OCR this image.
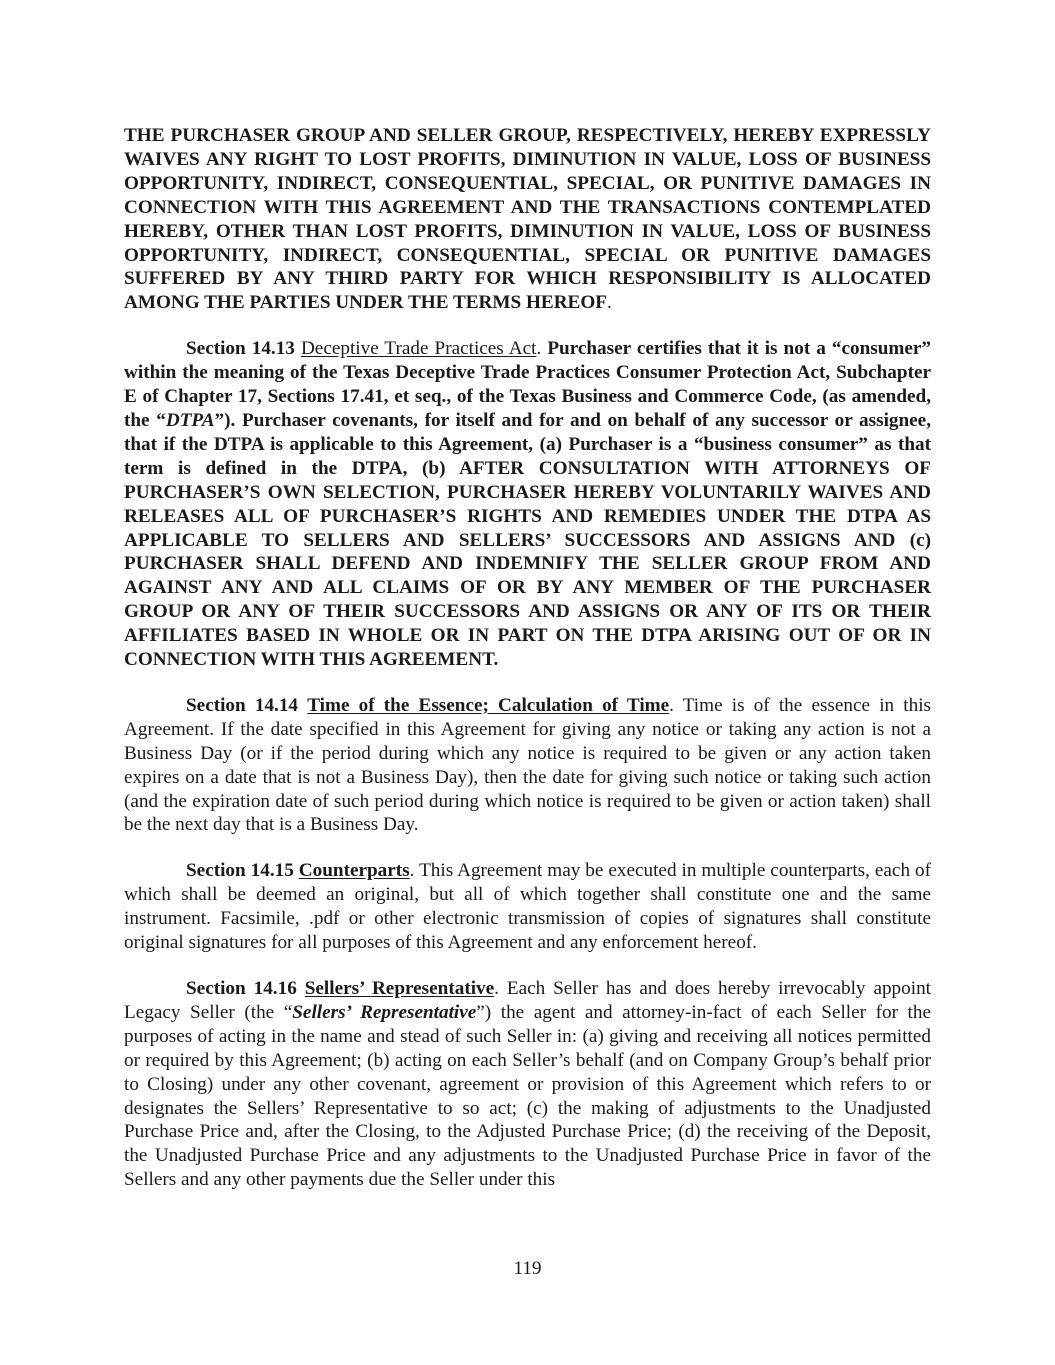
THE PURCHASER GROUP AND SELLER GROUP, RESPECTIVELY, HEREBY EXPRESSLY WAIVES ANY RIGHT TO LOST PROFITS, DIMINUTION IN VALUE, LOSS OF BUSINESS OPPORTUNITY, INDIRECT, CONSEQUENTIAL, SPECIAL, OR PUNITIVE DAMAGES IN CONNECTION WITH THIS AGREEMENT AND THE TRANSACTIONS CONTEMPLATED HEREBY, OTHER THAN LOST PROFITS, DIMINUTION IN VALUE, LOSS OF BUSINESS OPPORTUNITY, INDIRECT, CONSEQUENTIAL, SPECIAL OR PUNITIVE DAMAGES SUFFERED BY ANY THIRD PARTY FOR WHICH RESPONSIBILITY IS ALLOCATED AMONG THE PARTIES UNDER THE TERMS HEREOF.

Section 14.13 Deceptive Trade Practices Act. Purchaser certifies that it is not a “consumer” within the meaning of the Texas Deceptive Trade Practices Consumer Protection Act, Subchapter E of Chapter 17, Sections 17.41, et seq., of the Texas Business and Commerce Code, (as amended, the “DTPA”). Purchaser covenants, for itself and for and on behalf of any successor or assignee, that if the DTPA is applicable to this Agreement, (a) Purchaser is a “business consumer” as that term is defined in the DTPA, (b) AFTER CONSULTATION WITH ATTORNEYS OF PURCHASER’S OWN SELECTION, PURCHASER HEREBY VOLUNTARILY WAIVES AND RELEASES ALL OF PURCHASER’S RIGHTS AND REMEDIES UNDER THE DTPA AS APPLICABLE TO SELLERS AND SELLERS’ SUCCESSORS AND ASSIGNS AND (c) PURCHASER SHALL DEFEND AND INDEMNIFY THE SELLER GROUP FROM AND AGAINST ANY AND ALL CLAIMS OF OR BY ANY MEMBER OF THE PURCHASER GROUP OR ANY OF THEIR SUCCESSORS AND ASSIGNS OR ANY OF ITS OR THEIR AFFILIATES BASED IN WHOLE OR IN PART ON THE DTPA ARISING OUT OF OR IN CONNECTION WITH THIS AGREEMENT.

Section 14.14 Time of the Essence; Calculation of Time. Time is of the essence in this Agreement. If the date specified in this Agreement for giving any notice or taking any action is not a Business Day (or if the period during which any notice is required to be given or any action taken expires on a date that is not a Business Day), then the date for giving such notice or taking such action (and the expiration date of such period during which notice is required to be given or action taken) shall be the next day that is a Business Day.

Section 14.15 Counterparts. This Agreement may be executed in multiple counterparts, each of which shall be deemed an original, but all of which together shall constitute one and the same instrument. Facsimile, .pdf or other electronic transmission of copies of signatures shall constitute original signatures for all purposes of this Agreement and any enforcement hereof.

Section 14.16 Sellers’ Representative. Each Seller has and does hereby irrevocably appoint Legacy Seller (the “Sellers’ Representative”) the agent and attorney-in-fact of each Seller for the purposes of acting in the name and stead of such Seller in: (a) giving and receiving all notices permitted or required by this Agreement; (b) acting on each Seller’s behalf (and on Company Group’s behalf prior to Closing) under any other covenant, agreement or provision of this Agreement which refers to or designates the Sellers’ Representative to so act; (c) the making of adjustments to the Unadjusted Purchase Price and, after the Closing, to the Adjusted Purchase Price; (d) the receiving of the Deposit, the Unadjusted Purchase Price and any adjustments to the Unadjusted Purchase Price in favor of the Sellers and any other payments due the Seller under this

119
